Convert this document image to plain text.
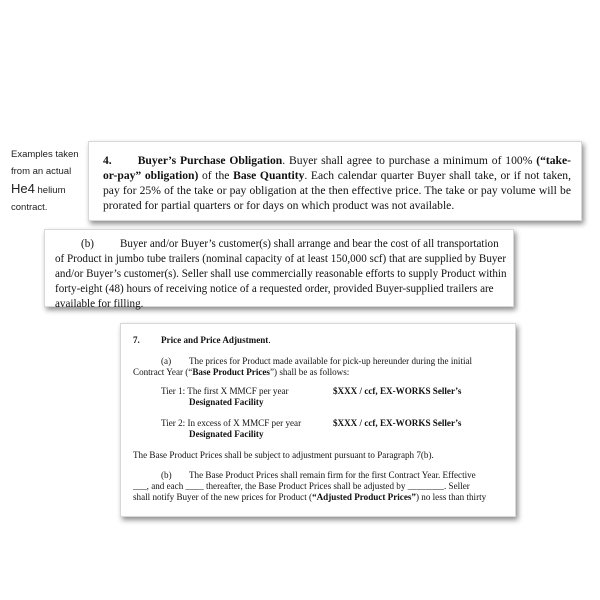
Examples taken
from an actual
He4 helium
contract.
4. Buyer’s Purchase Obligation. Buyer shall agree to purchase a minimum of 100% (“take-or-pay” obligation) of the Base Quantity. Each calendar quarter Buyer shall take, or if not taken, pay for 25% of the take or pay obligation at the then effective price. The take or pay volume will be prorated for partial quarters or for days on which product was not available.
(b) Buyer and/or Buyer’s customer(s) shall arrange and bear the cost of all transportation of Product in jumbo tube trailers (nominal capacity of at least 150,000 scf) that are supplied by Buyer and/or Buyer’s customer(s). Seller shall use commercially reasonable efforts to supply Product within forty-eight (48) hours of receiving notice of a requested order, provided Buyer-supplied trailers are available for filling.
7. Price and Price Adjustment.
(a) The prices for Product made available for pick-up hereunder during the initial
Contract Year (“Base Product Prices”) shall be as follows:
Tier 1: The first X MMCF per year	$XXX / ccf, EX-WORKS Seller’s
Designated Facility
Tier 2: In excess of X MMCF per year	$XXX / ccf, EX-WORKS Seller’s
Designated Facility
The Base Product Prices shall be subject to adjustment pursuant to Paragraph 7(b).
(b) The Base Product Prices shall remain firm for the first Contract Year. Effective
___, and each ____ thereafter, the Base Product Prices shall be adjusted by ________. Seller
shall notify Buyer of the new prices for Product (“Adjusted Product Prices”) no less than thirty
